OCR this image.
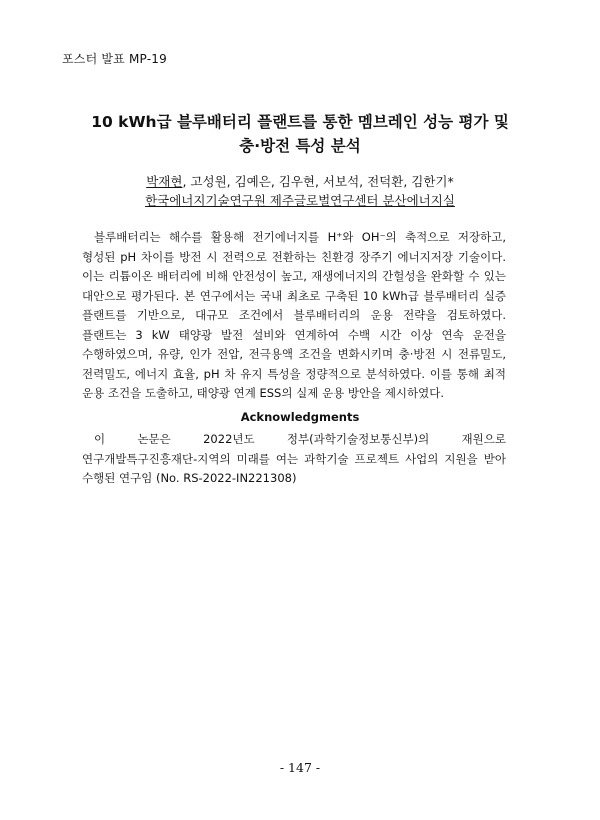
포스터 발표 MP-19
10 kWh급 블루배터리 플랜트를 통한 멤브레인 성능 평가 및
충·방전 특성 분석
박재현, 고성원, 김예은, 김우현, 서보석, 전덕환, 김한기*
한국에너지기술연구원 제주글로벌연구센터 분산에너지실

블루배터리는 해수를 활용해 전기에너지를 H⁺와 OH⁻의 축적으로 저장하고, 형성된 pH 차이를 방전 시 전력으로 전환하는 친환경 장주기 에너지저장 기술이다. 이는 리튬이온 배터리에 비해 안전성이 높고, 재생에너지의 간헐성을 완화할 수 있는 대안으로 평가된다. 본 연구에서는 국내 최초로 구축된 10 kWh급 블루배터리 실증 플랜트를 기반으로, 대규모 조건에서 블루배터리의 운용 전략을 검토하였다. 플랜트는 3 kW 태양광 발전 설비와 연계하여 수백 시간 이상 연속 운전을 수행하였으며, 유량, 인가 전압, 전극용액 조건을 변화시키며 충·방전 시 전류밀도, 전력밀도, 에너지 효율, pH 차 유지 특성을 정량적으로 분석하였다. 이를 통해 최적 운용 조건을 도출하고, 태양광 연계 ESS의 실제 운용 방안을 제시하였다.

Acknowledgments

이 논문은 2022년도 정부(과학기술정보통신부)의 재원으로 연구개발특구진흥재단-지역의 미래를 여는 과학기술 프로젝트 사업의 지원을 받아 수행된 연구임 (No. RS-2022-IN221308)

- 147 -
